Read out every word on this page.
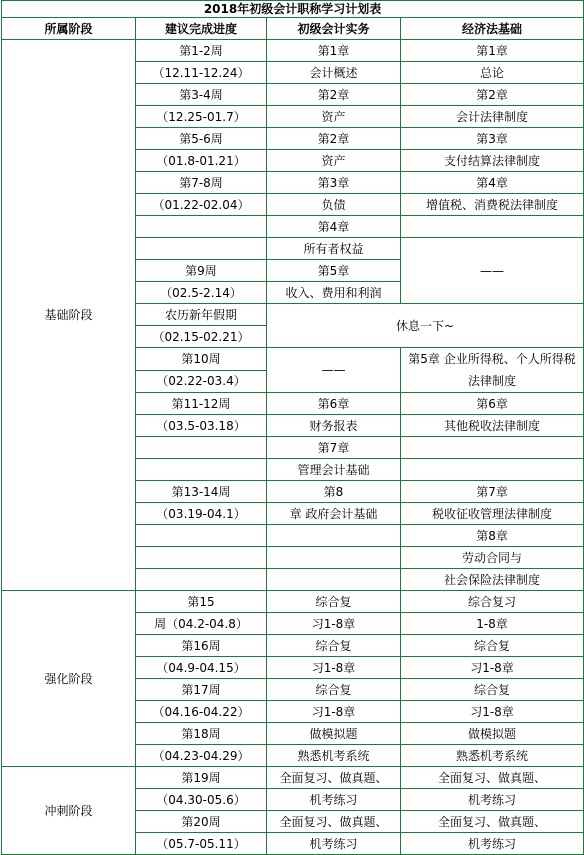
2018年初级会计职称学习计划表			
所属阶段	建议完成进度	初级会计实务	经济法基础
基础阶段	第1-2周	第1章	第1章
	（12.11-12.24）	会计概述	总论
	第3-4周	第2章	第2章
	（12.25-01.7）	资产	会计法律制度
	第5-6周	第2章	第3章
	（01.8-01.21）	资产	支付结算法律制度
	第7-8周	第3章	第4章
	（01.22-02.04）	负债	增值税、消费税法律制度
		第4章	
		所有者权益	——
	第9周	第5章	
	（02.5-2.14）	收入、费用和利润	
	农历新年假期	休息一下~	
	（02.15-02.21）		
	第10周	——	第5章 企业所得税、个人所得税法律制度
	（02.22-03.4）		
	第11-12周	第6章	第6章
	（03.5-03.18）	财务报表	其他税收法律制度
		第7章	
		管理会计基础	
	第13-14周	第8	第7章
	（03.19-04.1）	章 政府会计基础	税收征收管理法律制度
			第8章
			劳动合同与
			社会保险法律制度
强化阶段	第15	综合复	综合复习
	周（04.2-04.8）	习1-8章	1-8章
	第16周	综合复	综合复
	（04.9-04.15）	习1-8章	习1-8章
	第17周	综合复	综合复
	（04.16-04.22）	习1-8章	习1-8章
	第18周	做模拟题	做模拟题
	（04.23-04.29）	熟悉机考系统	熟悉机考系统
冲刺阶段	第19周	全面复习、做真题、	全面复习、做真题、
	（04.30-05.6）	机考练习	机考练习
	第20周	全面复习、做真题、	全面复习、做真题、
	（05.7-05.11）	机考练习	机考练习
